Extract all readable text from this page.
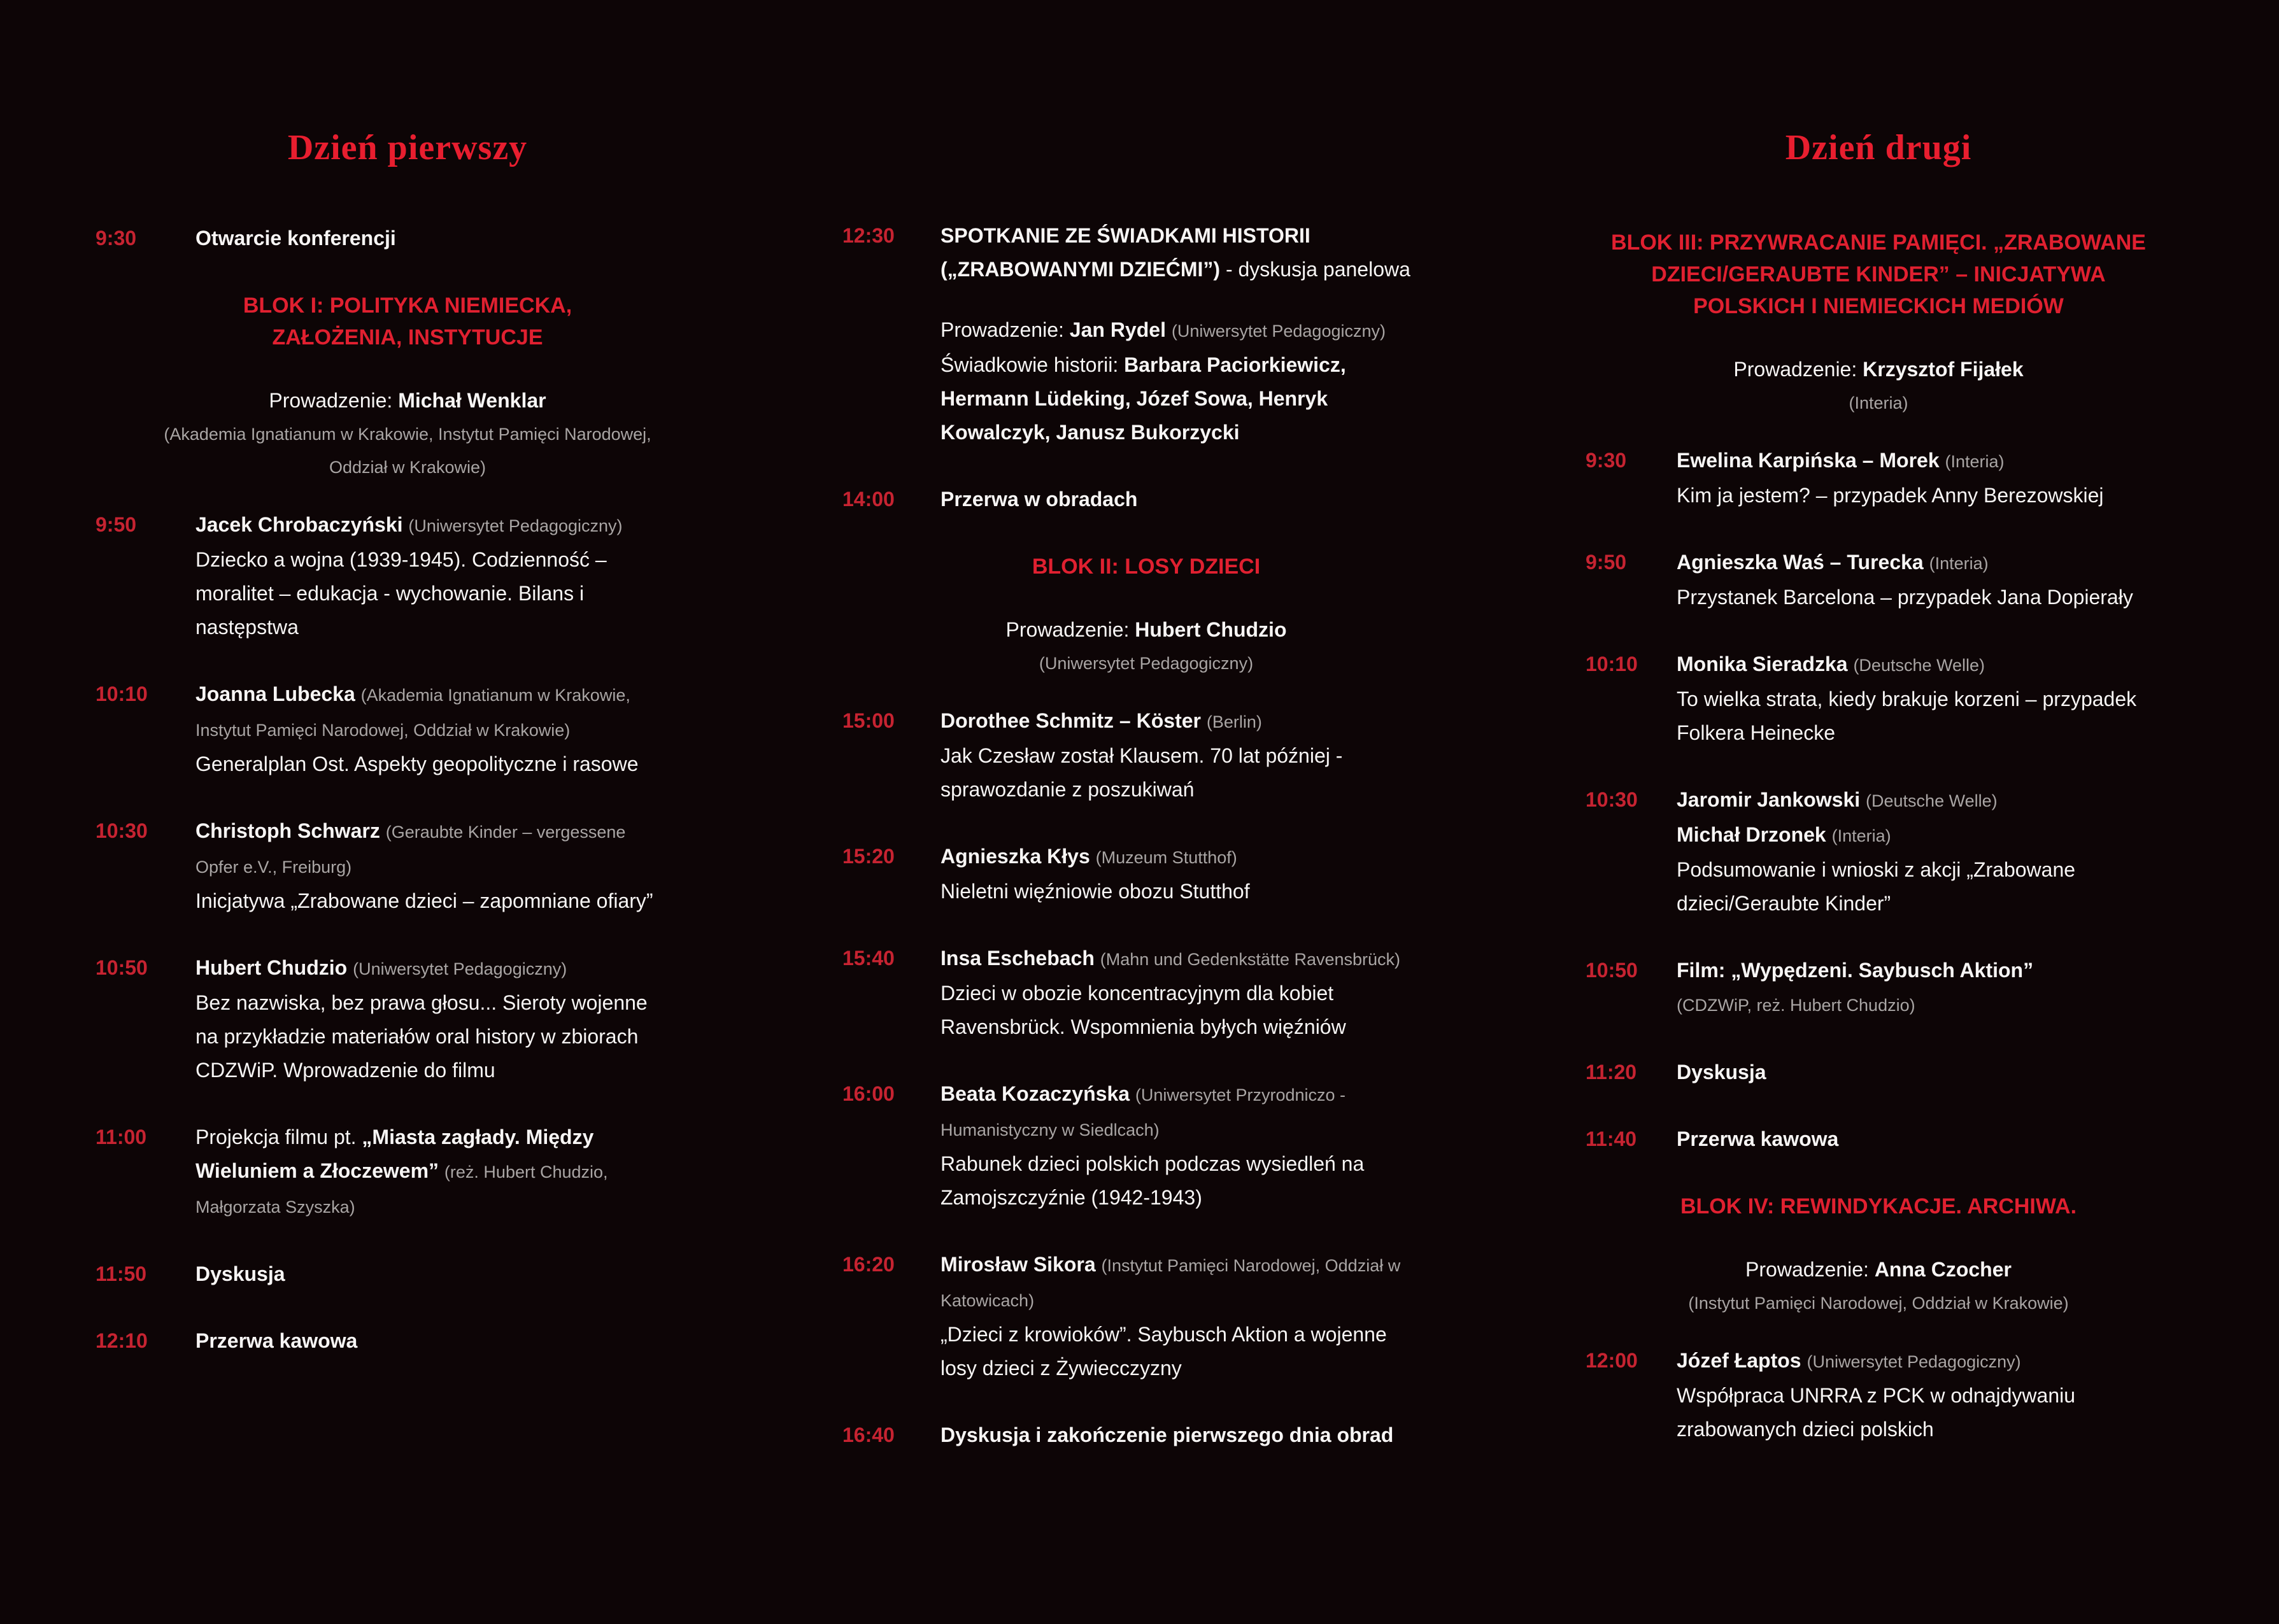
Dzień pierwszy	Dzień drugi
9:30	Otwarcie konferencji
BLOK I: POLITYKA NIEMIECKA,
ZAŁOŻENIA, INSTYTUCJE
Prowadzenie: Michał Wenklar
(Akademia Ignatianum w Krakowie, Instytut Pamięci Narodowej,
Oddział w Krakowie)
9:50	Jacek Chrobaczyński (Uniwersytet Pedagogiczny)
Dziecko a wojna (1939-1945). Codzienność – moralitet – edukacja - wychowanie. Bilans i następstwa
10:10	Joanna Lubecka (Akademia Ignatianum w Krakowie, Instytut Pamięci Narodowej, Oddział w Krakowie)
Generalplan Ost. Aspekty geopolityczne i rasowe
10:30	Christoph Schwarz (Geraubte Kinder – vergessene Opfer e.V., Freiburg)
Inicjatywa „Zrabowane dzieci – zapomniane ofiary”
10:50	Hubert Chudzio (Uniwersytet Pedagogiczny)
Bez nazwiska, bez prawa głosu... Sieroty wojenne na przykładzie materiałów oral history w zbiorach CDZWiP. Wprowadzenie do filmu
11:00	Projekcja filmu pt. „Miasta zagłady. Między Wieluniem a Złoczewem” (reż. Hubert Chudzio, Małgorzata Szyszka)
11:50	Dyskusja
12:10	Przerwa kawowa
12:30	SPOTKANIE ZE ŚWIADKAMI HISTORII („ZRABOWANYMI DZIEĆMI”) - dyskusja panelowa
Prowadzenie: Jan Rydel (Uniwersytet Pedagogiczny)
Świadkowie historii: Barbara Paciorkiewicz, Hermann Lüdeking, Józef Sowa, Henryk Kowalczyk, Janusz Bukorzycki
14:00	Przerwa w obradach
BLOK II: LOSY DZIECI
Prowadzenie: Hubert Chudzio
(Uniwersytet Pedagogiczny)
15:00	Dorothee Schmitz – Köster (Berlin)
Jak Czesław został Klausem. 70 lat później - sprawozdanie z poszukiwań
15:20	Agnieszka Kłys (Muzeum Stutthof)
Nieletni więźniowie obozu Stutthof
15:40	Insa Eschebach (Mahn und Gedenkstätte Ravensbrück)
Dzieci w obozie koncentracyjnym dla kobiet Ravensbrück. Wspomnienia byłych więźniów
16:00	Beata Kozaczyńska (Uniwersytet Przyrodniczo - Humanistyczny w Siedlcach)
Rabunek dzieci polskich podczas wysiedleń na Zamojszczyźnie (1942-1943)
16:20	Mirosław Sikora (Instytut Pamięci Narodowej, Oddział w Katowicach)
„Dzieci z krowioków”. Saybusch Aktion a wojenne losy dzieci z Żywiecczyzny
16:40	Dyskusja i zakończenie pierwszego dnia obrad
BLOK III: PRZYWRACANIE PAMIĘCI. „ZRABOWANE
DZIECI/GERAUBTE KINDER” – INICJATYWA
POLSKICH I NIEMIECKICH MEDIÓW
Prowadzenie: Krzysztof Fijałek
(Interia)
9:30	Ewelina Karpińska – Morek (Interia)
Kim ja jestem? – przypadek Anny Berezowskiej
9:50	Agnieszka Waś – Turecka (Interia)
Przystanek Barcelona – przypadek Jana Dopierały
10:10	Monika Sieradzka (Deutsche Welle)
To wielka strata, kiedy brakuje korzeni – przypadek Folkera Heinecke
10:30	Jaromir Jankowski (Deutsche Welle)
Michał Drzonek (Interia)
Podsumowanie i wnioski z akcji „Zrabowane dzieci/Geraubte Kinder”
10:50	Film: „Wypędzeni. Saybusch Aktion”
(CDZWiP, reż. Hubert Chudzio)
11:20	Dyskusja
11:40	Przerwa kawowa
BLOK IV: REWINDYKACJE. ARCHIWA.
Prowadzenie: Anna Czocher
(Instytut Pamięci Narodowej, Oddział w Krakowie)
12:00	Józef Łaptos (Uniwersytet Pedagogiczny)
Współpraca UNRRA z PCK w odnajdywaniu zrabowanych dzieci polskich
